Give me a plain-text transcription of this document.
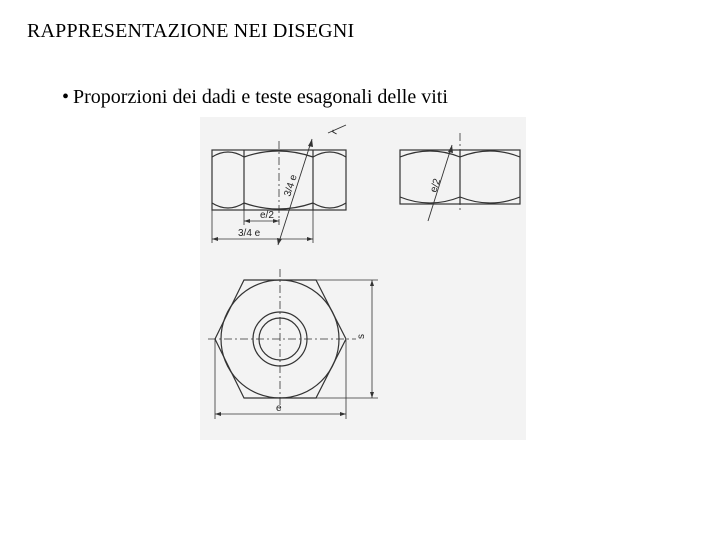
RAPPRESENTAZIONE NEI DISEGNI
• Proporzioni dei dadi e teste esagonali delle viti
r
3/4 e
e/2
3/4 e
e/2
s
e
